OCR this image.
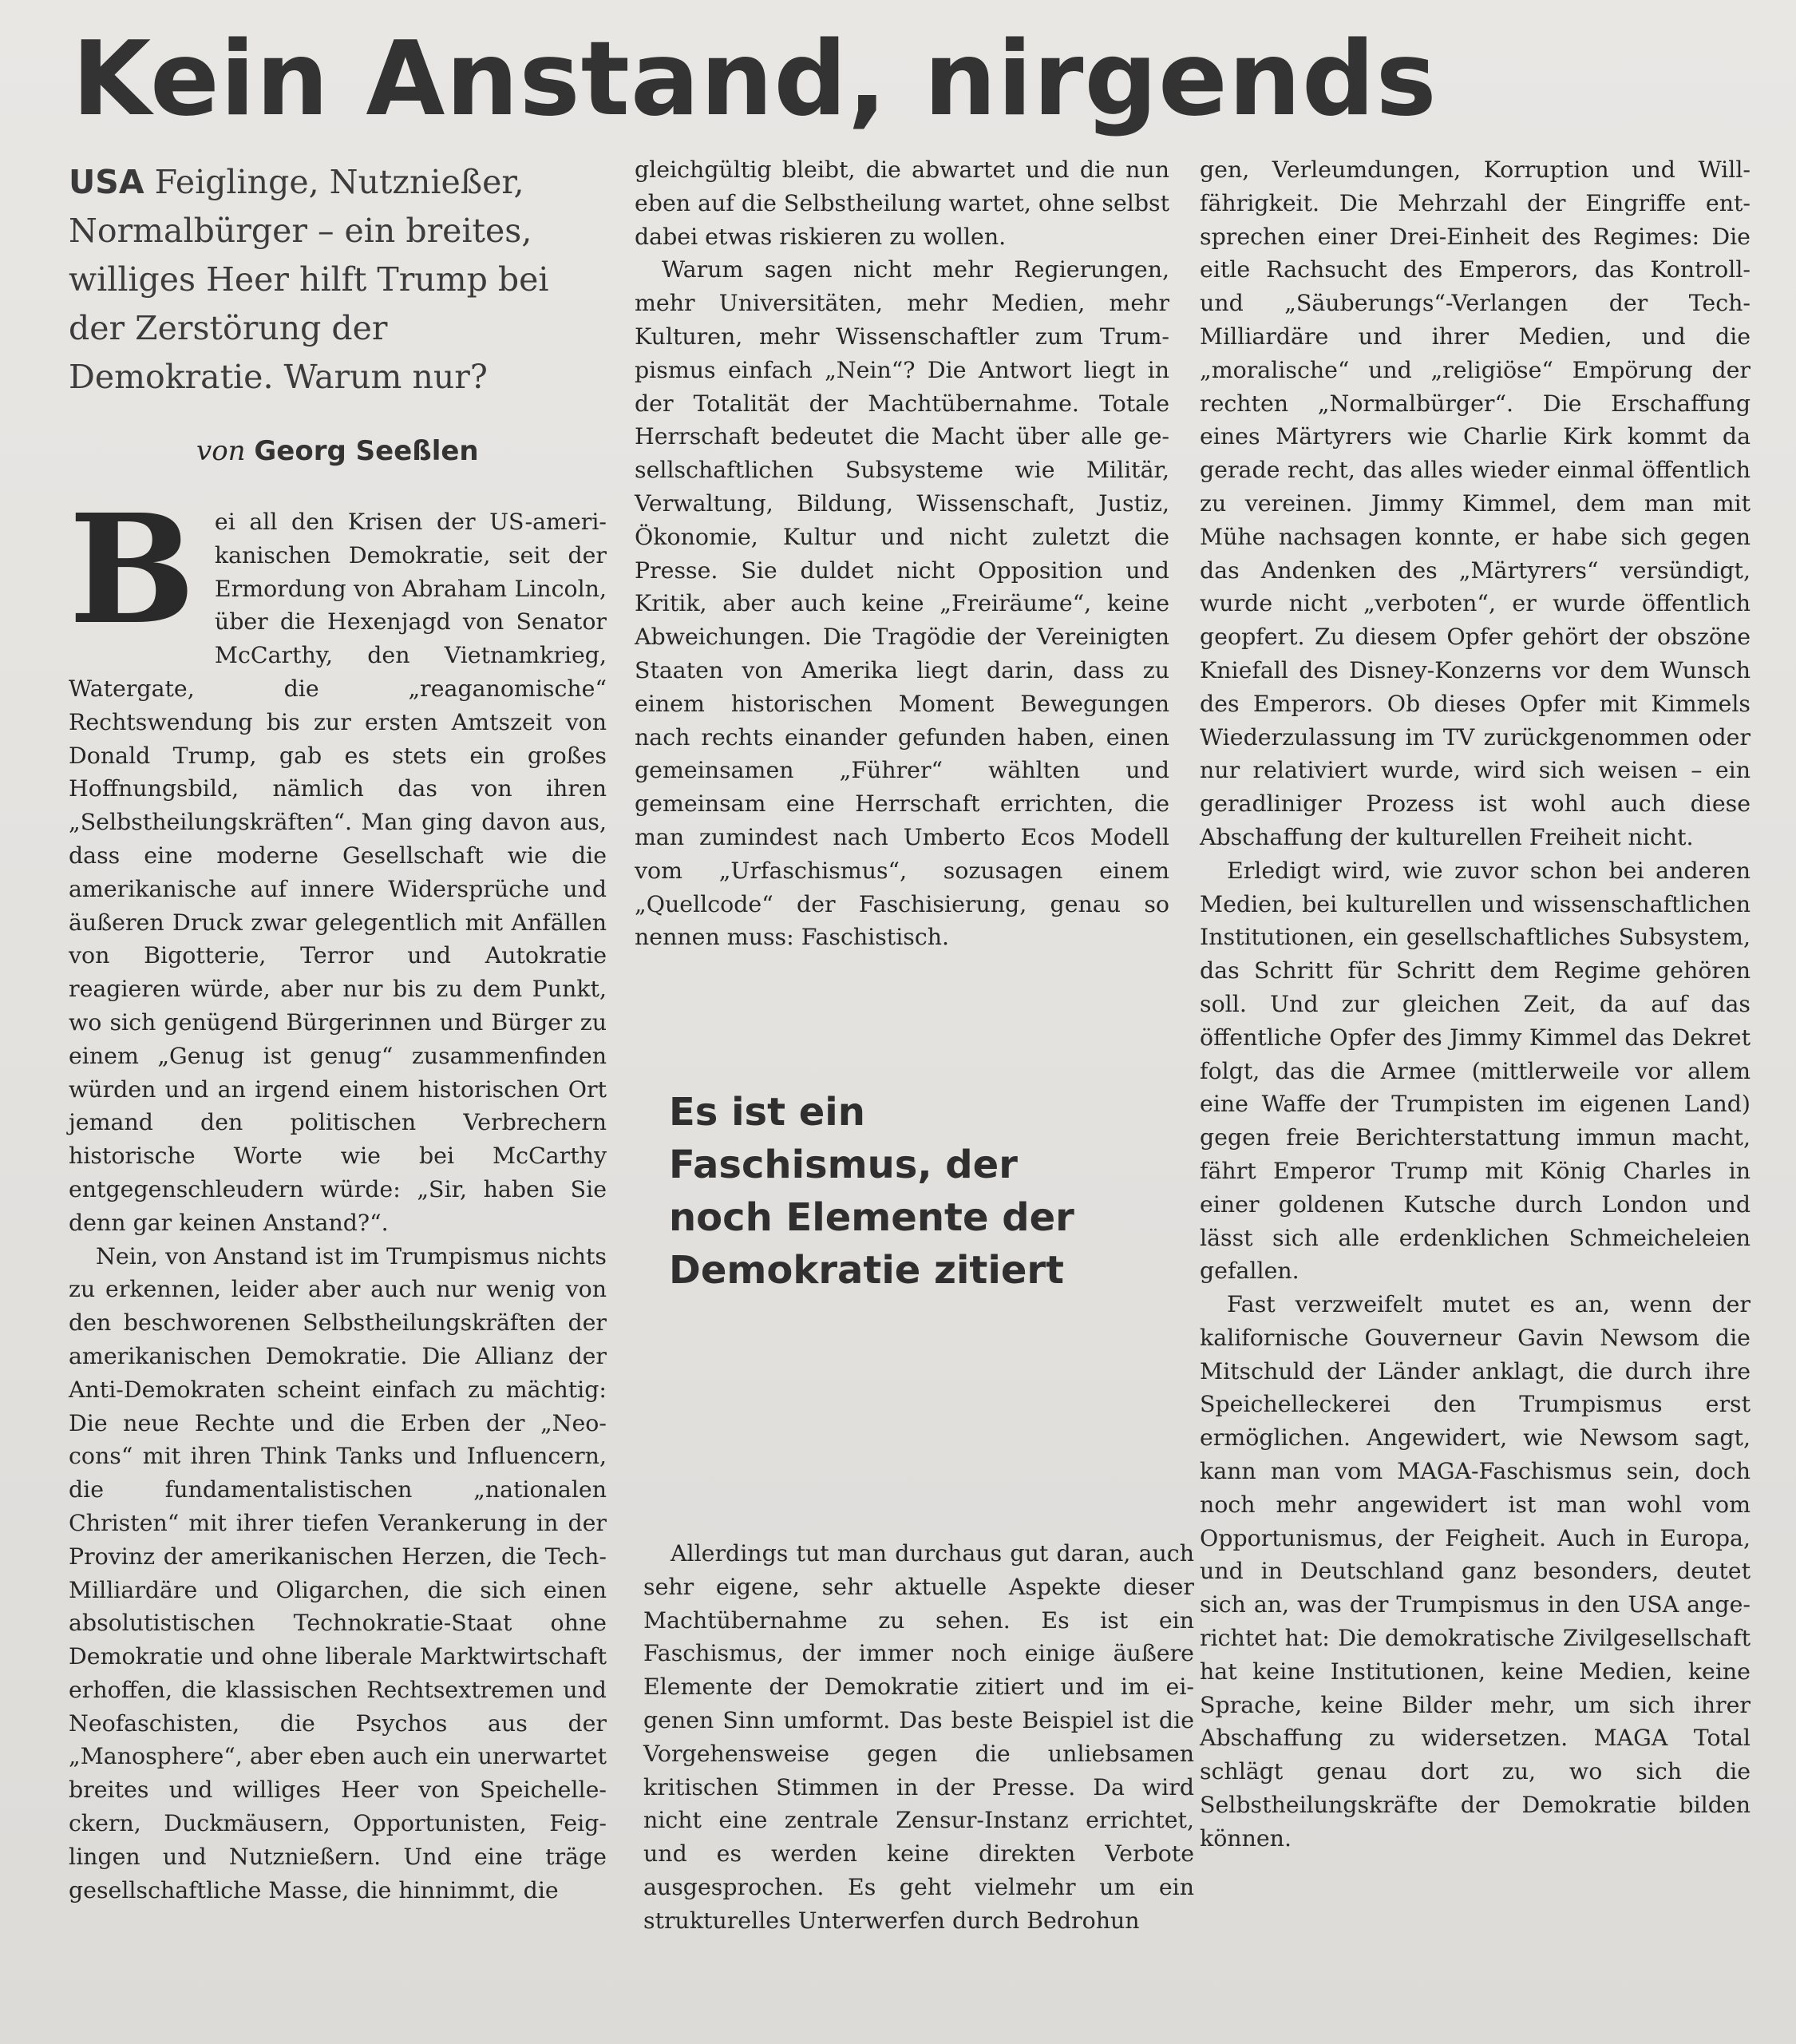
Kein Anstand, nirgends
USA Feiglinge, Nutznießer, Normalbürger – ein breites, williges Heer hilft Trump bei der Zerstörung der Demokratie. Warum nur?
von Georg Seeßlen
B ei all den Krisen der US-amerikanischen Demokratie, seit der Ermordung von Abraham Lincoln, über die Hexenjagd von Senator McCarthy, den Vietnamkrieg, Watergate, die „reaganomische“ Rechtswendung bis zur ersten Amtszeit von Donald Trump, gab es stets ein großes Hoffnungsbild, nämlich das von ihren „Selbstheilungskräften“. Man ging davon aus, dass eine moderne Gesellschaft wie die amerikanische auf innere Widersprüche und äußeren Druck zwar gelegentlich mit Anfällen von Bigotterie, Terror und Autokratie reagieren würde, aber nur bis zu dem Punkt, wo sich genügend Bürgerinnen und Bürger zu einem „Genug ist genug“ zusammenfinden würden und an irgend einem historischen Ort jemand den politischen Verbrechern historische Worte wie bei McCarthy entgegenschleudern würde: „Sir, haben Sie denn gar keinen Anstand?“.

Nein, von Anstand ist im Trumpismus nichts zu erkennen, leider aber auch nur wenig von den beschworenen Selbstheilungskräften der amerikanischen Demokratie. Die Allianz der Anti-Demokraten scheint einfach zu mächtig: Die neue Rechte und die Erben der „Neo-cons“ mit ihren Think Tanks und Influencern, die fundamentalistischen „nationalen Christen“ mit ihrer tiefen Verankerung in der Provinz der amerikanischen Herzen, die Tech-Milliardäre und Oligarchen, die sich einen absolutistischen Technokratie-Staat ohne Demokratie und ohne liberale Marktwirtschaft erhoffen, die klassischen Rechtsextremen und Neofaschisten, die Psychos aus der „Manosphere“, aber eben auch ein unerwartet breites und williges Heer von Speichelleckern, Duckmäusern, Opportunisten, Feiglingen und Nutznießern. Und eine träge gesellschaftliche Masse, die hinnimmt, die

gleichgültig bleibt, die abwartet und die nun eben auf die Selbstheilung wartet, ohne selbst dabei etwas riskieren zu wollen.

Warum sagen nicht mehr Regierungen, mehr Universitäten, mehr Medien, mehr Kulturen, mehr Wissenschaftler zum Trumpismus einfach „Nein“? Die Antwort liegt in der Totalität der Machtübernahme. Totale Herrschaft bedeutet die Macht über alle gesellschaftlichen Subsysteme wie Militär, Verwaltung, Bildung, Wissenschaft, Justiz, Ökonomie, Kultur und nicht zuletzt die Presse. Sie duldet nicht Opposition und Kritik, aber auch keine „Freiräume“, keine Abweichungen. Die Tragödie der Vereinigten Staaten von Amerika liegt darin, dass zu einem historischen Moment Bewegungen nach rechts einander gefunden haben, einen gemeinsamen „Führer“ wählten und gemeinsam eine Herrschaft errichten, die man zumindest nach Umberto Ecos Modell vom „Urfaschismus“, sozusagen einem „Quellcode“ der Faschisierung, genau so nennen muss: Faschistisch.

Es ist ein Faschismus, der noch Elemente der Demokratie zitiert

Allerdings tut man durchaus gut daran, auch sehr eigene, sehr aktuelle Aspekte dieser Machtübernahme zu sehen. Es ist ein Faschismus, der immer noch einige äußere Elemente der Demokratie zitiert und im eigenen Sinn umformt. Das beste Beispiel ist die Vorgehensweise gegen die unliebsamen kritischen Stimmen in der Presse. Da wird nicht eine zentrale Zensur-Instanz errichtet, und es werden keine direkten Verbote ausgesprochen. Es geht vielmehr um ein strukturelles Unterwerfen durch Bedrohun

gen, Verleumdungen, Korruption und Willfährigkeit. Die Mehrzahl der Eingriffe entsprechen einer Drei-Einheit des Regimes: Die eitle Rachsucht des Emperors, das Kontroll- und „Säuberungs“-Verlangen der Tech-Milliardäre und ihrer Medien, und die „moralische“ und „religiöse“ Empörung der rechten „Normalbürger“. Die Erschaffung eines Märtyrers wie Charlie Kirk kommt da gerade recht, das alles wieder einmal öffentlich zu vereinen. Jimmy Kimmel, dem man mit Mühe nachsagen konnte, er habe sich gegen das Andenken des „Märtyrers“ versündigt, wurde nicht „verboten“, er wurde öffentlich geopfert. Zu diesem Opfer gehört der obszöne Kniefall des Disney-Konzerns vor dem Wunsch des Emperors. Ob dieses Opfer mit Kimmels Wiederzulassung im TV zurückgenommen oder nur relativiert wurde, wird sich weisen – ein geradliniger Prozess ist wohl auch diese Abschaffung der kulturellen Freiheit nicht.

Erledigt wird, wie zuvor schon bei anderen Medien, bei kulturellen und wissenschaftlichen Institutionen, ein gesellschaftliches Subsystem, das Schritt für Schritt dem Regime gehören soll. Und zur gleichen Zeit, da auf das öffentliche Opfer des Jimmy Kimmel das Dekret folgt, das die Armee (mittlerweile vor allem eine Waffe der Trumpisten im eigenen Land) gegen freie Berichterstattung immun macht, fährt Emperor Trump mit König Charles in einer goldenen Kutsche durch London und lässt sich alle erdenklichen Schmeicheleien gefallen.

Fast verzweifelt mutet es an, wenn der kalifornische Gouverneur Gavin Newsom die Mitschuld der Länder anklagt, die durch ihre Speichelleckerei den Trumpismus erst ermöglichen. Angewidert, wie Newsom sagt, kann man vom MAGA-Faschismus sein, doch noch mehr angewidert ist man wohl vom Opportunismus, der Feigheit. Auch in Europa, und in Deutschland ganz besonders, deutet sich an, was der Trumpismus in den USA angerichtet hat: Die demokratische Zivilgesellschaft hat keine Institutionen, keine Medien, keine Sprache, keine Bilder mehr, um sich ihrer Abschaffung zu widersetzen. MAGA Total schlägt genau dort zu, wo sich die Selbstheilungskräfte der Demokratie bilden können.
